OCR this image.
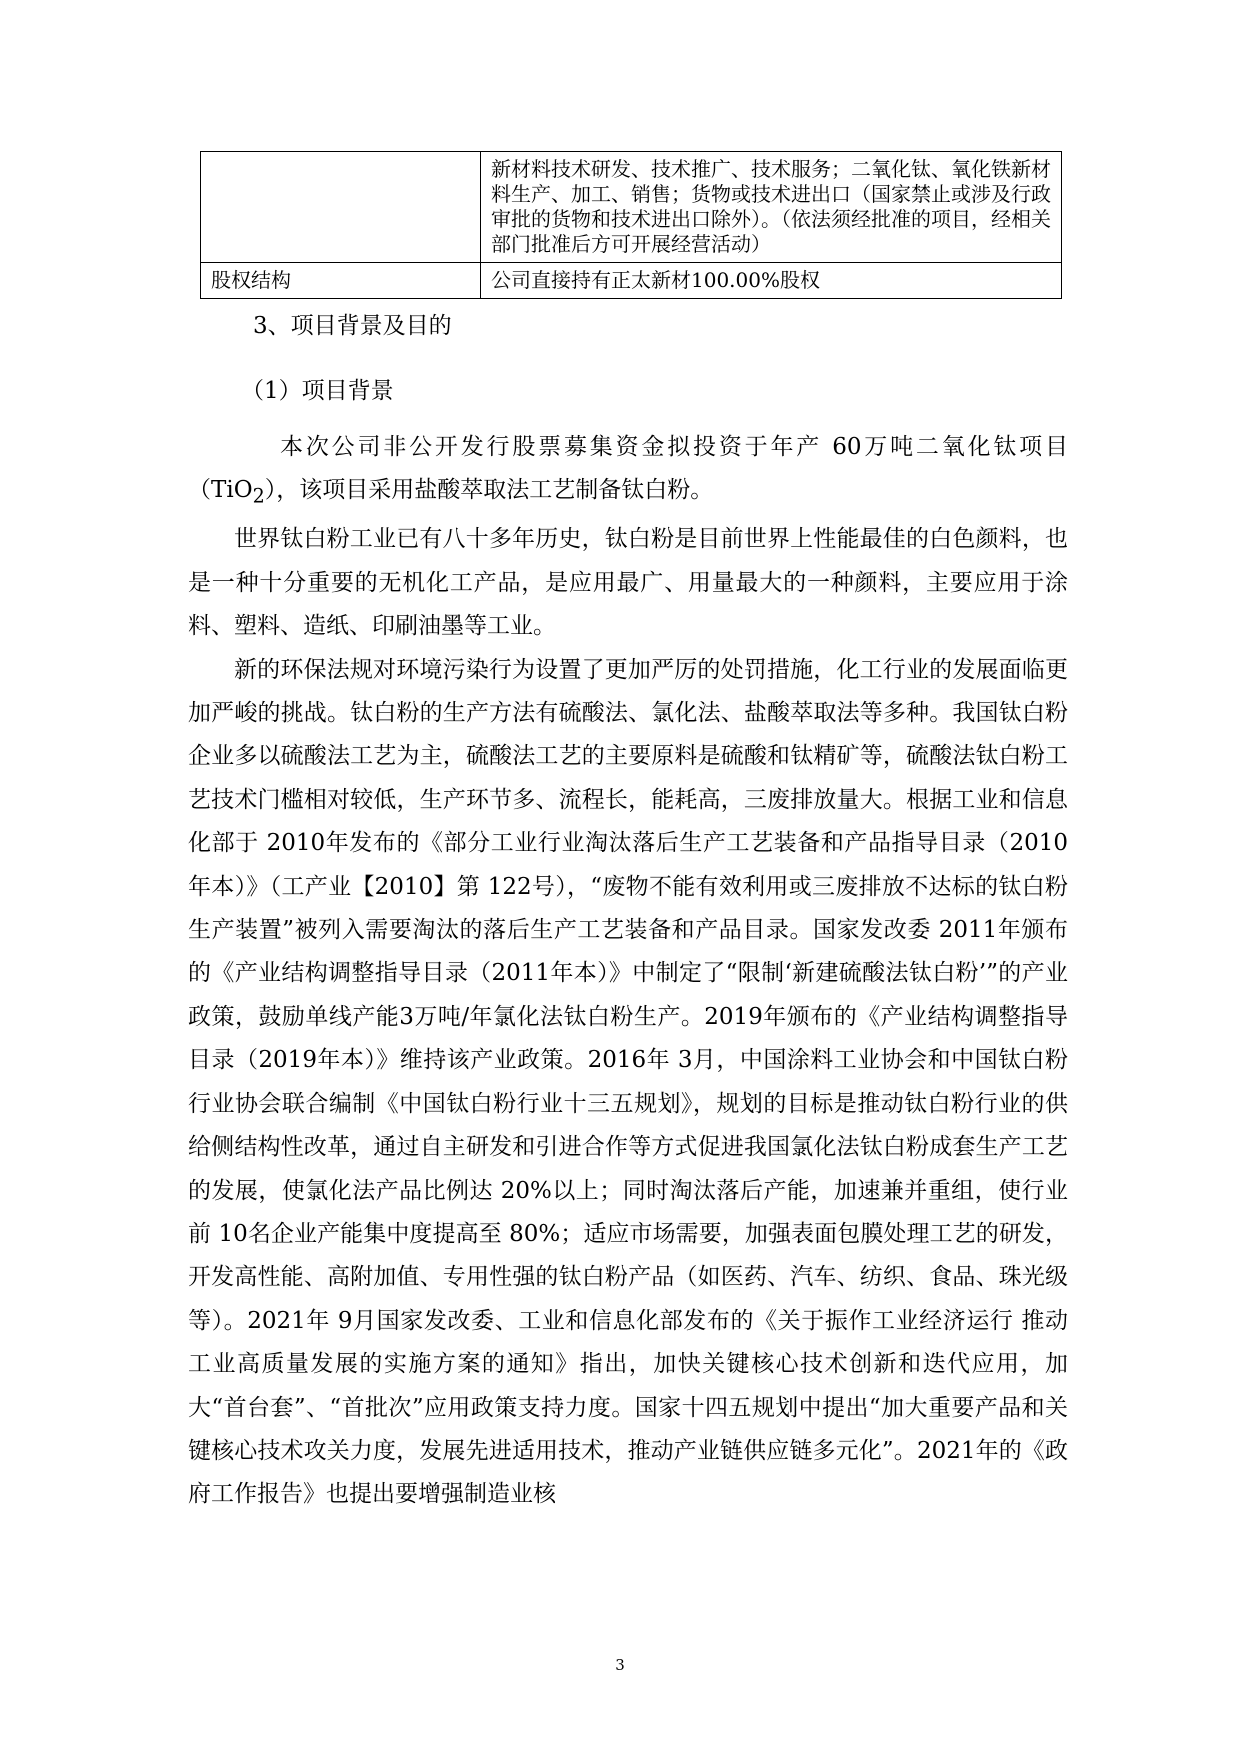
	新材料技术研发、技术推广、技术服务；二氧化钛、氧化铁新材料生产、加工、销售；货物或技术进出口（国家禁止或涉及行政审批的货物和技术进出口除外）。（依法须经批准的项目，经相关部门批准后方可开展经营活动）
股权结构	公司直接持有正太新材100.00%股权
3、项目背景及目的
（1）项目背景

本次公司非公开发行股票募集资金拟投资于年产 60万吨二氧化钛项目（TiO$_2$），该项目采用盐酸萃取法工艺制备钛白粉。

世界钛白粉工业已有八十多年历史，钛白粉是目前世界上性能最佳的白色颜料，也是一种十分重要的无机化工产品，是应用最广、用量最大的一种颜料，主要应用于涂料、塑料、造纸、印刷油墨等工业。

新的环保法规对环境污染行为设置了更加严厉的处罚措施，化工行业的发展面临更加严峻的挑战。钛白粉的生产方法有硫酸法、氯化法、盐酸萃取法等多种。我国钛白粉企业多以硫酸法工艺为主，硫酸法工艺的主要原料是硫酸和钛精矿等，硫酸法钛白粉工艺技术门槛相对较低，生产环节多、流程长，能耗高，三废排放量大。根据工业和信息化部于 2010年发布的《部分工业行业淘汰落后生产工艺装备和产品指导目录（2010年本）》（工产业【2010】第 122号），“废物不能有效利用或三废排放不达标的钛白粉生产装置”被列入需要淘汰的落后生产工艺装备和产品目录。国家发改委 2011年颁布的《产业结构调整指导目录（2011年本）》中制定了“限制‘新建硫酸法钛白粉’”的产业政策，鼓励单线产能3万吨/年氯化法钛白粉生产。2019年颁布的《产业结构调整指导目录（2019年本）》维持该产业政策。2016年 3月，中国涂料工业协会和中国钛白粉行业协会联合编制《中国钛白粉行业十三五规划》，规划的目标是推动钛白粉行业的供给侧结构性改革，通过自主研发和引进合作等方式促进我国氯化法钛白粉成套生产工艺的发展，使氯化法产品比例达 20%以上；同时淘汰落后产能，加速兼并重组，使行业前 10名企业产能集中度提高至 80%；适应市场需要，加强表面包膜处理工艺的研发，开发高性能、高附加值、专用性强的钛白粉产品（如医药、汽车、纺织、食品、珠光级等）。2021年 9月国家发改委、工业和信息化部发布的《关于振作工业经济运行 推动工业高质量发展的实施方案的通知》指出，加快关键核心技术创新和迭代应用，加大“首台套”、“首批次”应用政策支持力度。国家十四五规划中提出“加大重要产品和关键核心技术攻关力度，发展先进适用技术，推动产业链供应链多元化”。2021年的《政府工作报告》也提出要增强制造业核

3
